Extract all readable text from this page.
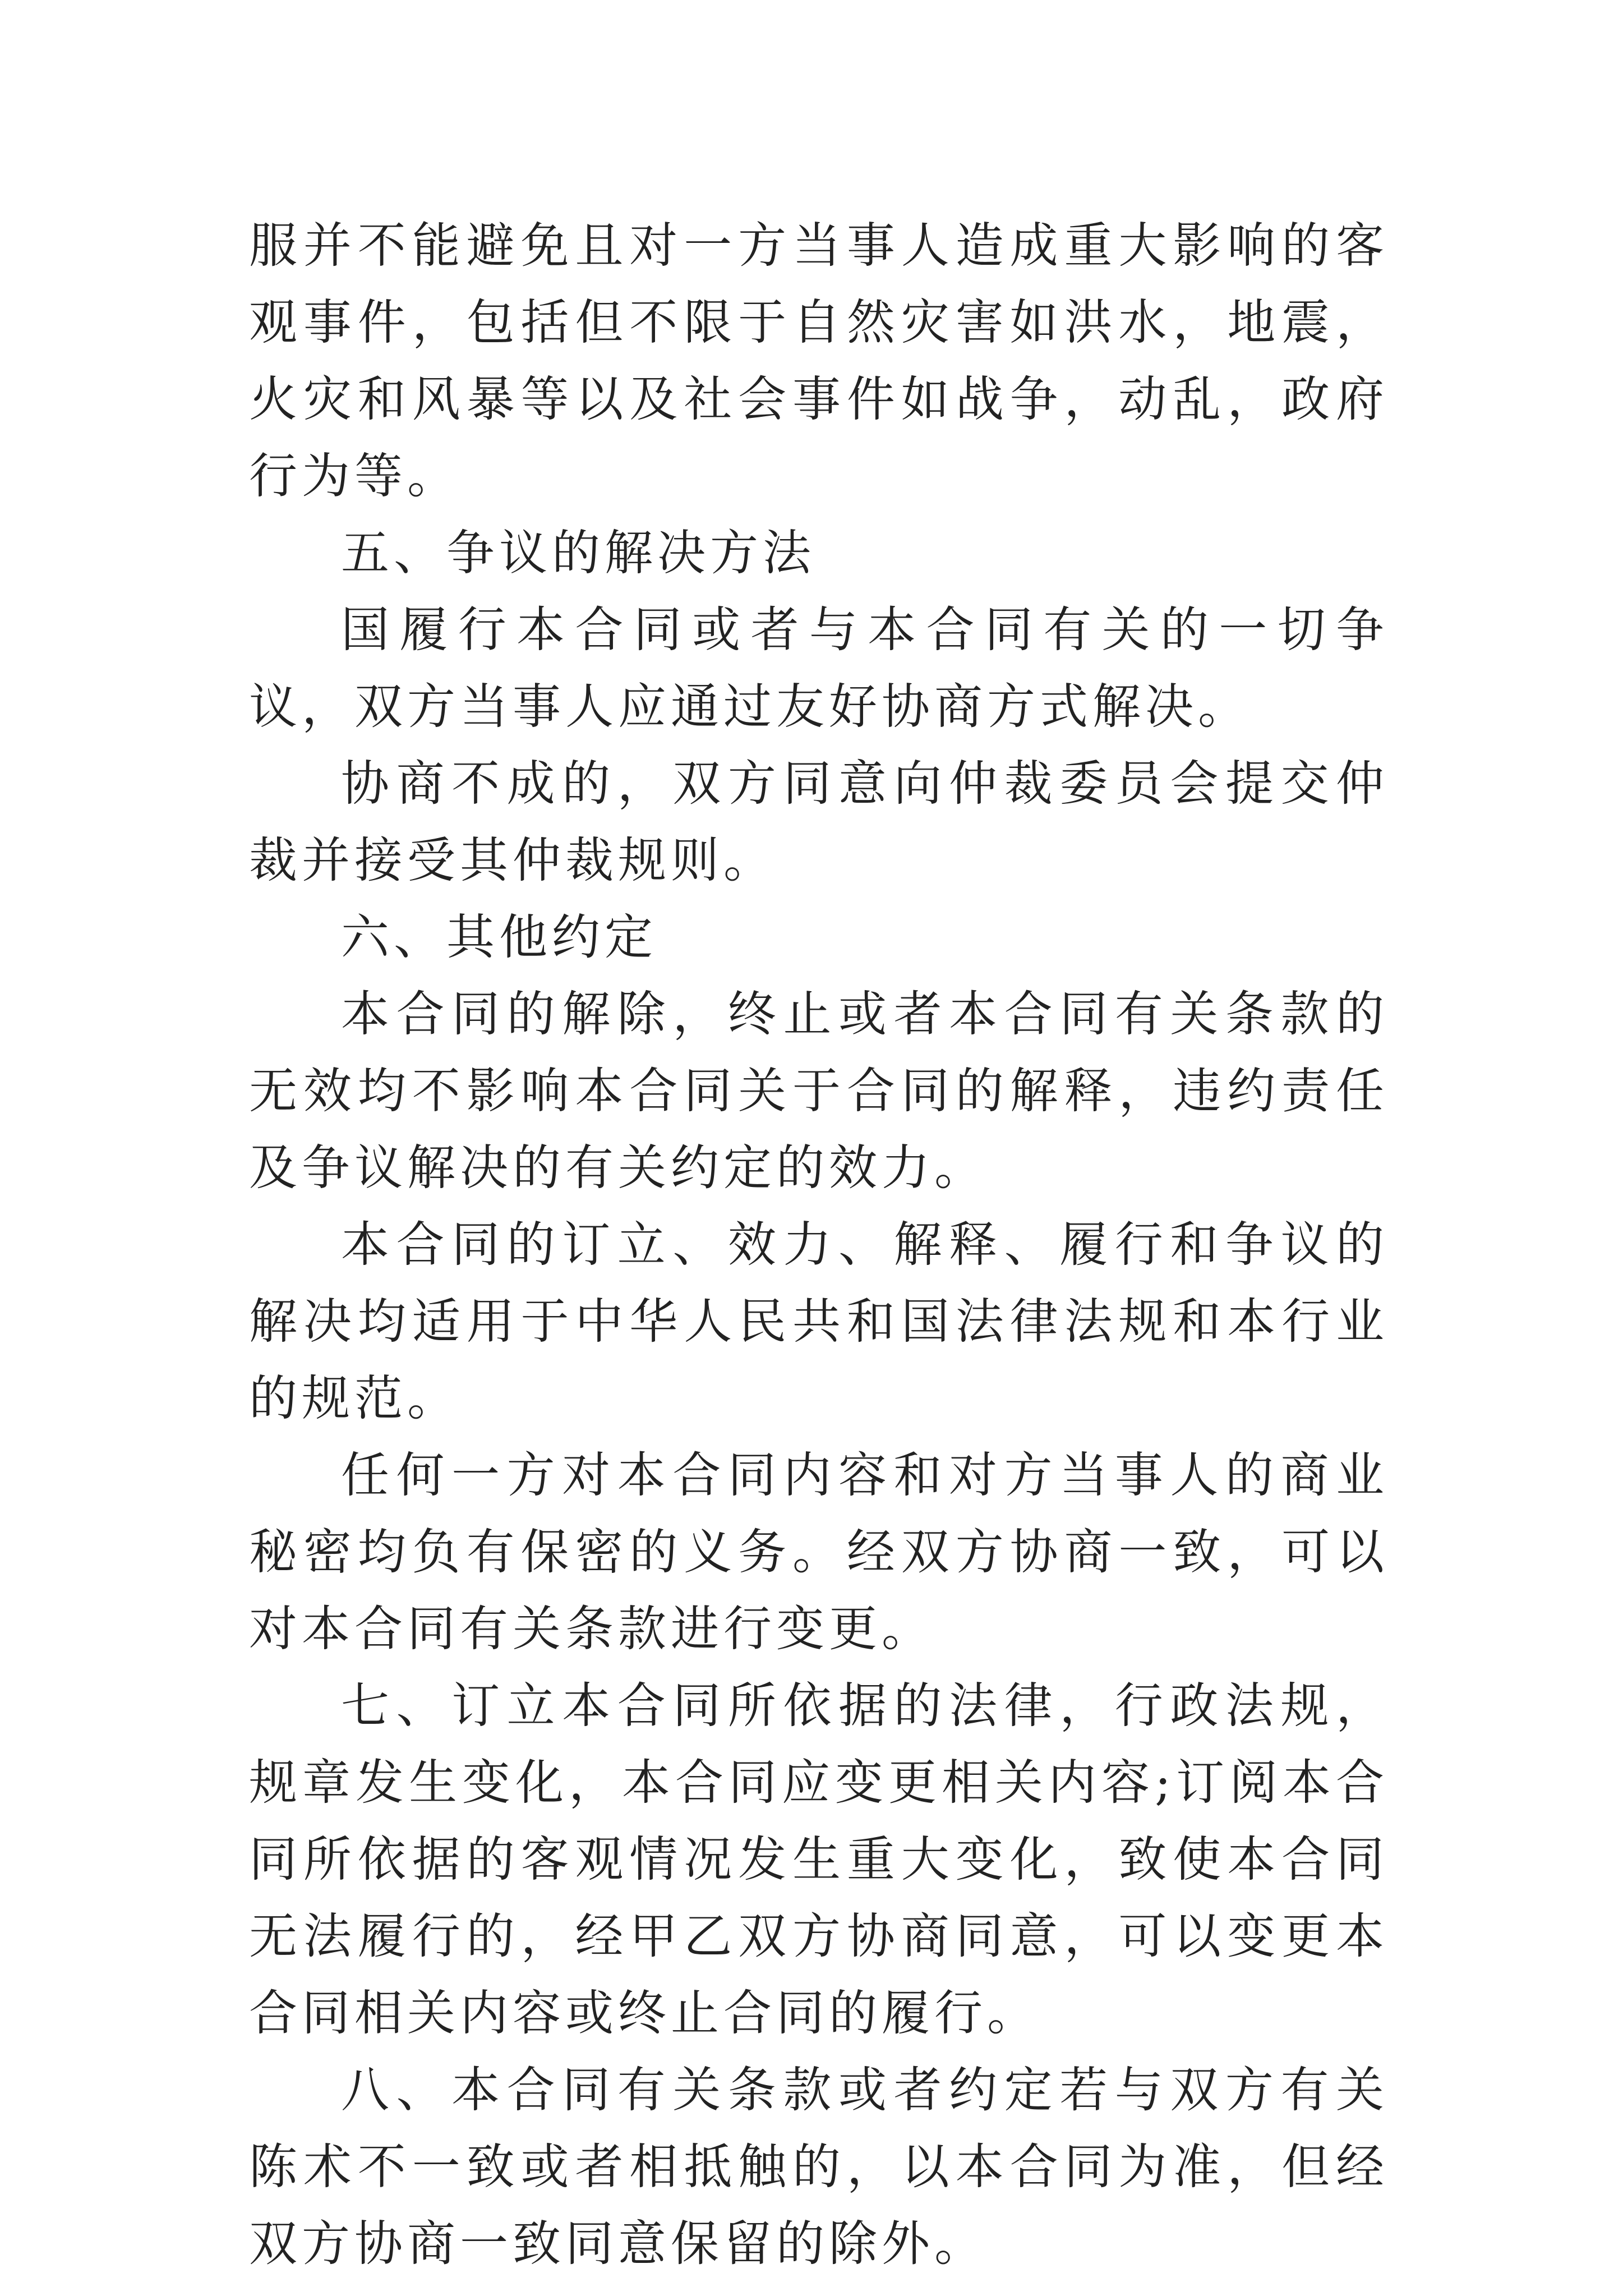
服并不能避免且对一方当事人造成重大影响的客观事件，包括但不限于自然灾害如洪水，地震，火灾和风暴等以及社会事件如战争，动乱，政府行为等。

五、争议的解决方法

国履行本合同或者与本合同有关的一切争议，双方当事人应通过友好协商方式解决。

协商不成的，双方同意向仲裁委员会提交仲裁并接受其仲裁规则。

六、其他约定

本合同的解除，终止或者本合同有关条款的无效均不影响本合同关于合同的解释，违约责任及争议解决的有关约定的效力。

本合同的订立、效力、解释、履行和争议的解决均适用于中华人民共和国法律法规和本行业的规范。

任何一方对本合同内容和对方当事人的商业秘密均负有保密的义务。经双方协商一致，可以对本合同有关条款进行变更。

七、订立本合同所依据的法律，行政法规，规章发生变化，本合同应变更相关内容;订阅本合同所依据的客观情况发生重大变化，致使本合同无法履行的，经甲乙双方协商同意，可以变更本合同相关内容或终止合同的履行。

八、本合同有关条款或者约定若与双方有关陈术不一致或者相抵触的，以本合同为准，但经双方协商一致同意保留的除外。
